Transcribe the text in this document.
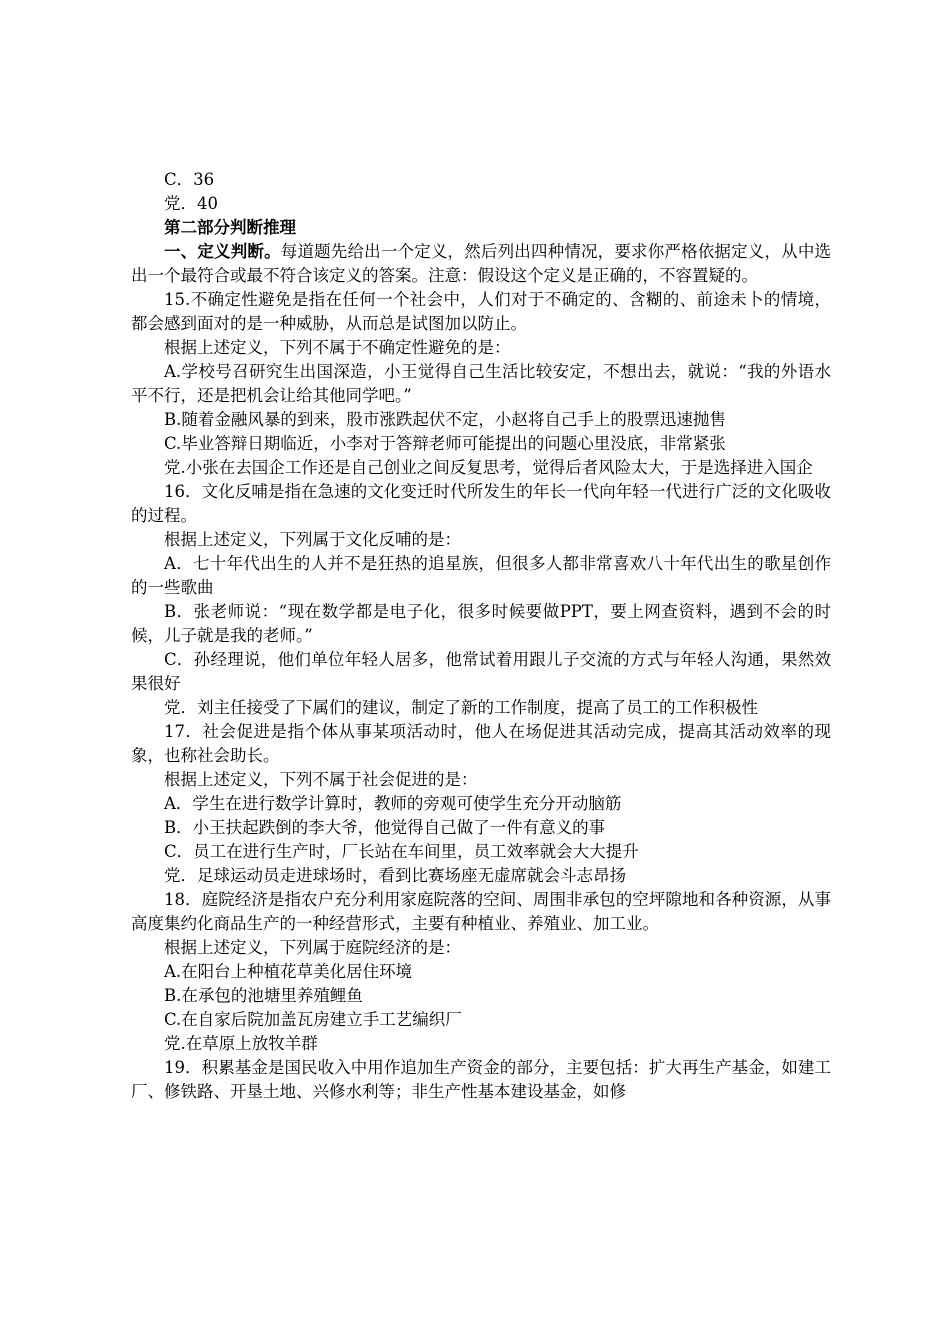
C．36
党．40
第二部分判断推理
一、定义判断。每道题先给出一个定义，然后列出四种情况，要求你严格依据定义，从中选出一个最符合或最不符合该定义的答案。注意：假设这个定义是正确的，不容置疑的。
15.不确定性避免是指在任何一个社会中，人们对于不确定的、含糊的、前途未卜的情境，都会感到面对的是一种威胁，从而总是试图加以防止。
根据上述定义，下列不属于不确定性避免的是：
A.学校号召研究生出国深造，小王觉得自己生活比较安定，不想出去，就说：“我的外语水平不行，还是把机会让给其他同学吧。”
B.随着金融风暴的到来，股市涨跌起伏不定，小赵将自己手上的股票迅速抛售
C.毕业答辩日期临近，小李对于答辩老师可能提出的问题心里没底，非常紧张
党.小张在去国企工作还是自己创业之间反复思考，觉得后者风险太大，于是选择进入国企
16．文化反哺是指在急速的文化变迁时代所发生的年长一代向年轻一代进行广泛的文化吸收的过程。
根据上述定义，下列属于文化反哺的是：
A．七十年代出生的人并不是狂热的追星族，但很多人都非常喜欢八十年代出生的歌星创作的一些歌曲
B．张老师说：“现在数学都是电子化，很多时候要做PPT，要上网查资料，遇到不会的时候，儿子就是我的老师。”
C．孙经理说，他们单位年轻人居多，他常试着用跟儿子交流的方式与年轻人沟通，果然效果很好
党．刘主任接受了下属们的建议，制定了新的工作制度，提高了员工的工作积极性
17．社会促进是指个体从事某项活动时，他人在场促进其活动完成，提高其活动效率的现象，也称社会助长。
根据上述定义，下列不属于社会促进的是：
A．学生在进行数学计算时，教师的旁观可使学生充分开动脑筋
B．小王扶起跌倒的李大爷，他觉得自己做了一件有意义的事
C．员工在进行生产时，厂长站在车间里，员工效率就会大大提升
党．足球运动员走进球场时，看到比赛场座无虚席就会斗志昂扬
18．庭院经济是指农户充分利用家庭院落的空间、周围非承包的空坪隙地和各种资源，从事高度集约化商品生产的一种经营形式，主要有种植业、养殖业、加工业。
根据上述定义，下列属于庭院经济的是：
A.在阳台上种植花草美化居住环境
B.在承包的池塘里养殖鲤鱼
C.在自家后院加盖瓦房建立手工艺编织厂
党.在草原上放牧羊群
19．积累基金是国民收入中用作追加生产资金的部分，主要包括：扩大再生产基金，如建工厂、修铁路、开垦土地、兴修水利等；非生产性基本建设基金，如修
